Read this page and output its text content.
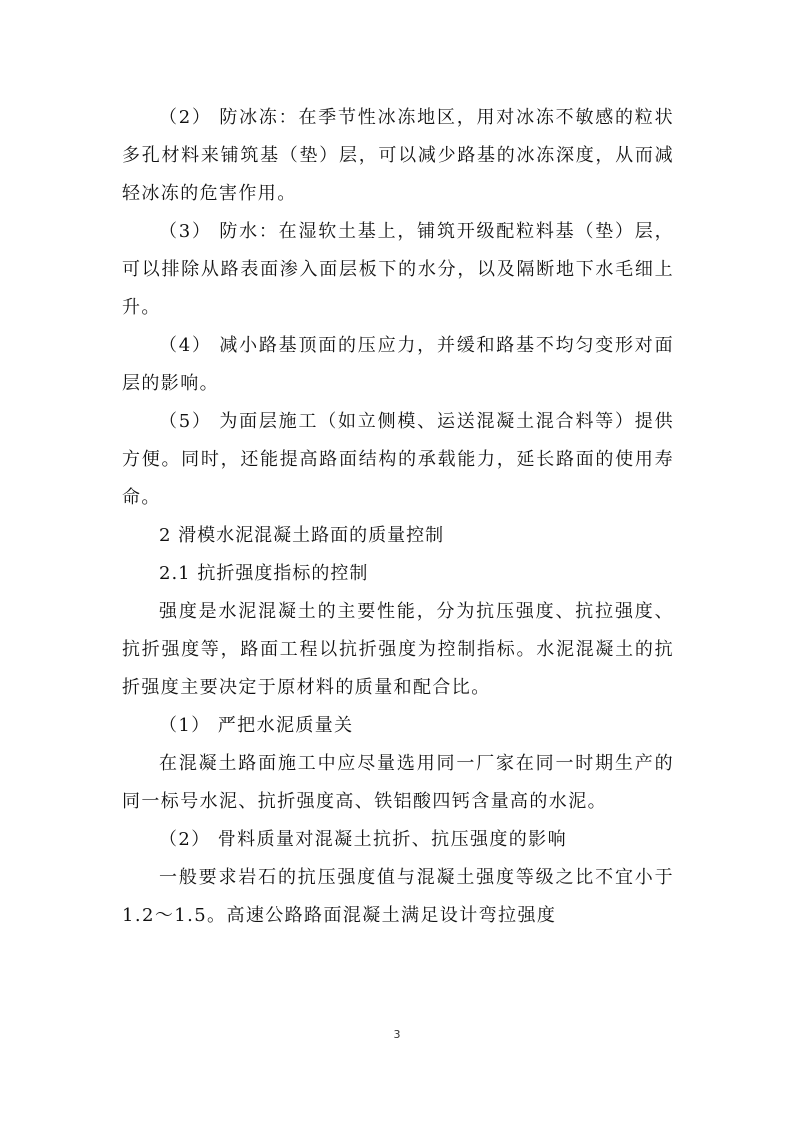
（2） 防冰冻：在季节性冰冻地区，用对冰冻不敏感的粒状多孔材料来铺筑基（垫）层，可以减少路基的冰冻深度，从而减轻冰冻的危害作用。

（3） 防水：在湿软土基上，铺筑开级配粒料基（垫）层，可以排除从路表面渗入面层板下的水分，以及隔断地下水毛细上升。

（4） 减小路基顶面的压应力，并缓和路基不均匀变形对面层的影响。

（5） 为面层施工（如立侧模、运送混凝土混合料等）提供方便。同时，还能提高路面结构的承载能力，延长路面的使用寿命。

2 滑模水泥混凝土路面的质量控制

2.1 抗折强度指标的控制

强度是水泥混凝土的主要性能，分为抗压强度、抗拉强度、抗折强度等，路面工程以抗折强度为控制指标。水泥混凝土的抗折强度主要决定于原材料的质量和配合比。

（1） 严把水泥质量关

在混凝土路面施工中应尽量选用同一厂家在同一时期生产的同一标号水泥、抗折强度高、铁铝酸四钙含量高的水泥。

（2） 骨料质量对混凝土抗折、抗压强度的影响

一般要求岩石的抗压强度值与混凝土强度等级之比不宜小于 1.2～1.5。高速公路路面混凝土满足设计弯拉强度

3
